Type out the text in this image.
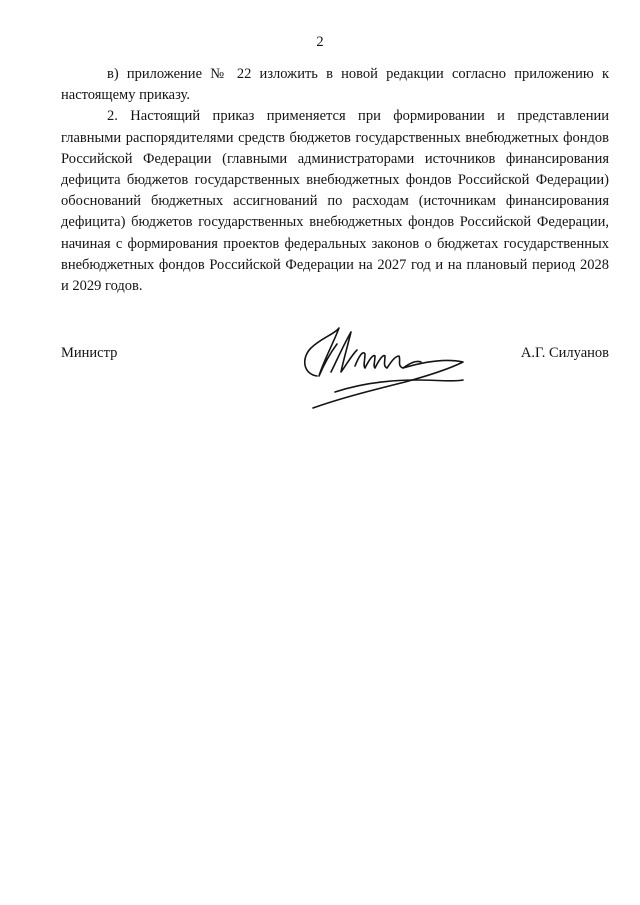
2

в) приложение № 22 изложить в новой редакции согласно приложению к настоящему приказу.

2. Настоящий приказ применяется при формировании и представлении главными распорядителями средств бюджетов государственных внебюджетных фондов Российской Федерации (главными администраторами источников финансирования дефицита бюджетов государственных внебюджетных фондов Российской Федерации) обоснований бюджетных ассигнований по расходам (источникам финансирования дефицита) бюджетов государственных внебюджетных фондов Российской Федерации, начиная с формирования проектов федеральных законов о бюджетах государственных внебюджетных фондов Российской Федерации на 2027 год и на плановый период 2028 и 2029 годов.

Министр	А.Г. Силуанов
